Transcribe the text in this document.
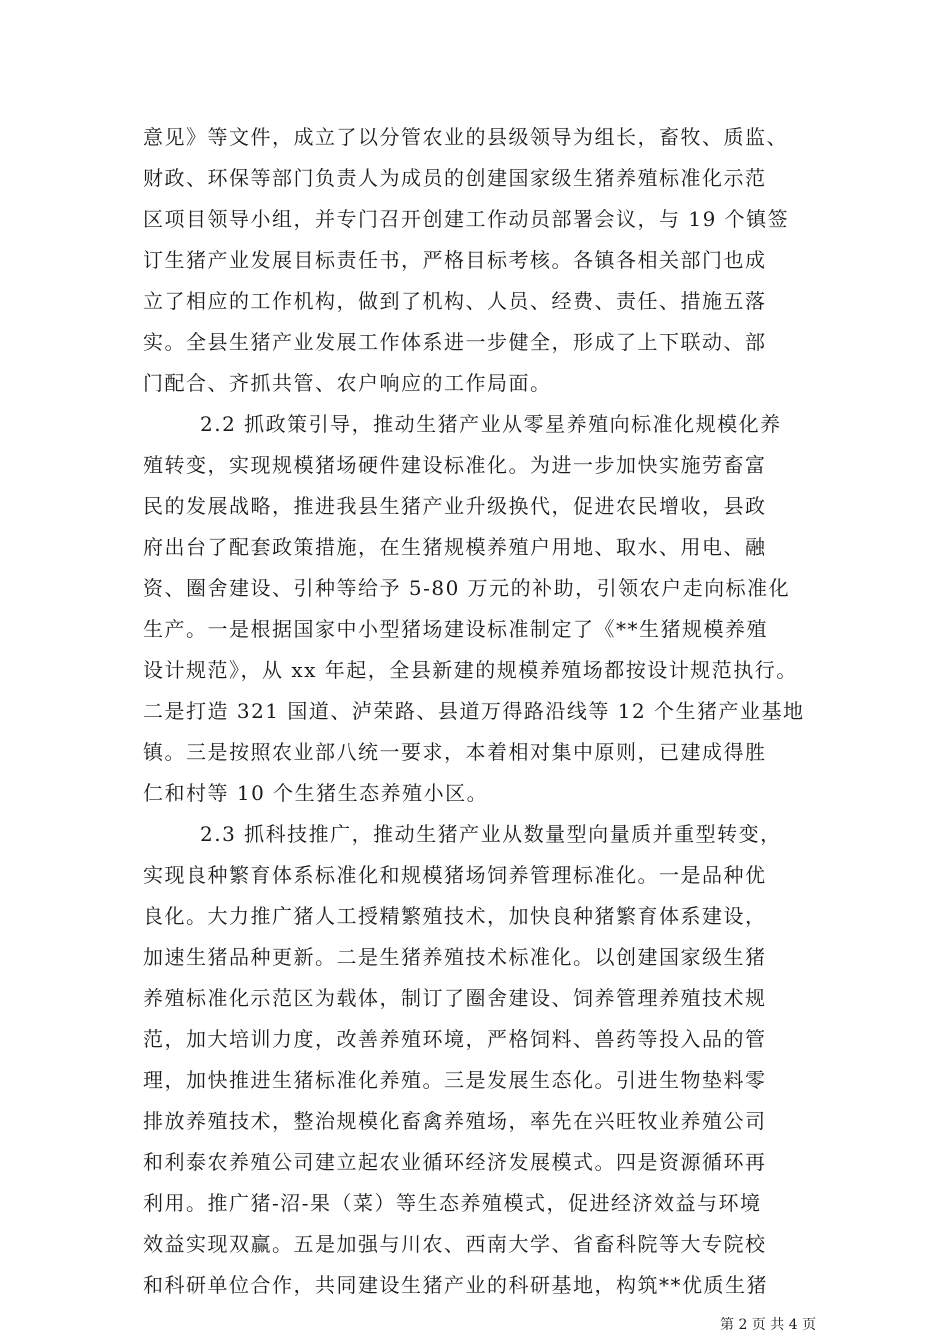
意见》等文件，成立了以分管农业的县级领导为组长，畜牧、质监、
财政、环保等部门负责人为成员的创建国家级生猪养殖标准化示范
区项目领导小组，并专门召开创建工作动员部署会议，与 19 个镇签
订生猪产业发展目标责任书，严格目标考核。各镇各相关部门也成
立了相应的工作机构，做到了机构、人员、经费、责任、措施五落
实。全县生猪产业发展工作体系进一步健全，形成了上下联动、部
门配合、齐抓共管、农户响应的工作局面。
2.2 抓政策引导，推动生猪产业从零星养殖向标准化规模化养
殖转变，实现规模猪场硬件建设标准化。为进一步加快实施劳畜富
民的发展战略，推进我县生猪产业升级换代，促进农民增收，县政
府出台了配套政策措施，在生猪规模养殖户用地、取水、用电、融
资、圈舍建设、引种等给予 5-80 万元的补助，引领农户走向标准化
生产。一是根据国家中小型猪场建设标准制定了《**生猪规模养殖
设计规范》，从 xx 年起，全县新建的规模养殖场都按设计规范执行。
二是打造 321 国道、泸荣路、县道万得路沿线等 12 个生猪产业基地
镇。三是按照农业部八统一要求，本着相对集中原则，已建成得胜
仁和村等 10 个生猪生态养殖小区。
2.3 抓科技推广，推动生猪产业从数量型向量质并重型转变，
实现良种繁育体系标准化和规模猪场饲养管理标准化。一是品种优
良化。大力推广猪人工授精繁殖技术，加快良种猪繁育体系建设，
加速生猪品种更新。二是生猪养殖技术标准化。以创建国家级生猪
养殖标准化示范区为载体，制订了圈舍建设、饲养管理养殖技术规
范，加大培训力度，改善养殖环境，严格饲料、兽药等投入品的管
理，加快推进生猪标准化养殖。三是发展生态化。引进生物垫料零
排放养殖技术，整治规模化畜禽养殖场，率先在兴旺牧业养殖公司
和利泰农养殖公司建立起农业循环经济发展模式。四是资源循环再
利用。推广猪-沼-果（菜）等生态养殖模式，促进经济效益与环境
效益实现双赢。五是加强与川农、西南大学、省畜科院等大专院校
和科研单位合作，共同建设生猪产业的科研基地，构筑**优质生猪
第 2 页 共 4 页
